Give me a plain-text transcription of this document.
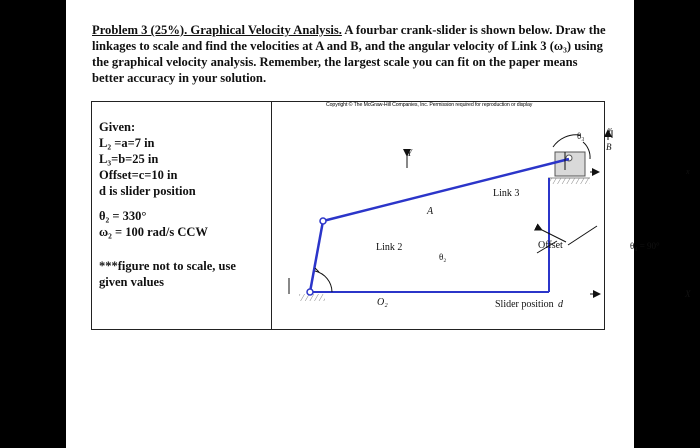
Problem 3 (25%). Graphical Velocity Analysis. A fourbar crank-slider is shown below. Draw the linkages to scale and find the velocities at A and B, and the angular velocity of Link 3 (ω₃) using the graphical velocity analysis. Remember, the largest scale you can fit on the paper means better accuracy in your solution.
Given:
L₂ =a=7 in
L₃=b=25 in
Offset=c=10 in
d is slider position
θ₂ = 330°
ω₂ = 100 rad/s CCW
***figure not to scale, use given values
Copyright © The McGraw-Hill Companies, Inc. Permission required for reproduction or display
Link 2
Link 3
Offset
Slider position d
A
B
O₂
θ₂
θ₃
θ₄ = 90°
Y
X
y
x
